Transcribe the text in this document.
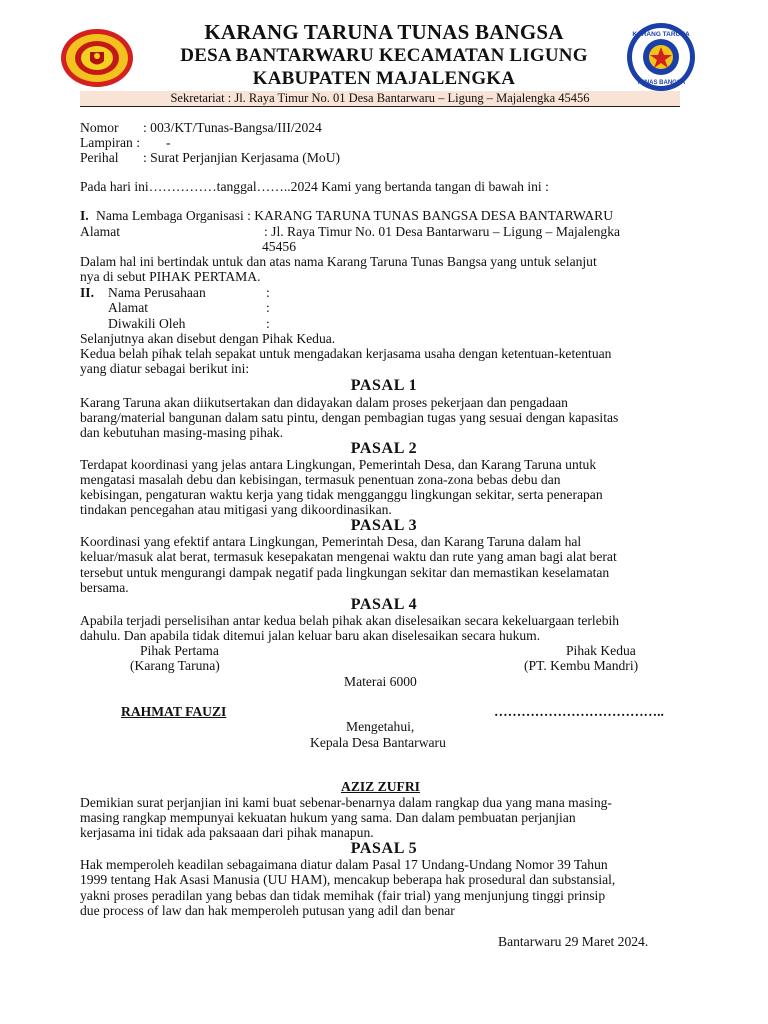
KARANG TARUNA
TUNAS BANGSA
KARANG TARUNA TUNAS BANGSA
DESA BANTARWARU KECAMATAN LIGUNG
KABUPATEN MAJALENGKA
Sekretariat : Jl. Raya Timur No. 01 Desa Bantarwaru – Ligung – Majalengka 45456
Nomor : 003/KT/Tunas-Bangsa/III/2024
Lampiran : -
Perihal : Surat Perjanjian Kerjasama (MoU)
Pada hari ini……………tanggal……..2024 Kami yang bertanda tangan di bawah ini :
I. Nama Lembaga Organisasi : KARANG TARUNA TUNAS BANGSA DESA BANTARWARU
Alamat	: Jl. Raya Timur No. 01 Desa Bantarwaru – Ligung – Majalengka
45456
Dalam hal ini bertindak untuk dan atas nama Karang Taruna Tunas Bangsa yang untuk selanjut
nya di sebut PIHAK PERTAMA.
II. Nama Perusahaan	:
Alamat	:
Diwakili Oleh	:
Selanjutnya akan disebut dengan Pihak Kedua.
Kedua belah pihak telah sepakat untuk mengadakan kerjasama usaha dengan ketentuan-ketentuan
yang diatur sebagai berikut ini:
PASAL 1
Karang Taruna akan diikutsertakan dan didayakan dalam proses pekerjaan dan pengadaan
barang/material bangunan dalam satu pintu, dengan pembagian tugas yang sesuai dengan kapasitas
dan kebutuhan masing-masing pihak.
PASAL 2
Terdapat koordinasi yang jelas antara Lingkungan, Pemerintah Desa, dan Karang Taruna untuk
mengatasi masalah debu dan kebisingan, termasuk penentuan zona-zona bebas debu dan
kebisingan, pengaturan waktu kerja yang tidak mengganggu lingkungan sekitar, serta penerapan
tindakan pencegahan atau mitigasi yang dikoordinasikan.
PASAL 3
Koordinasi yang efektif antara Lingkungan, Pemerintah Desa, dan Karang Taruna dalam hal
keluar/masuk alat berat, termasuk kesepakatan mengenai waktu dan rute yang aman bagi alat berat
tersebut untuk mengurangi dampak negatif pada lingkungan sekitar dan memastikan keselamatan
bersama.
PASAL 4
Apabila terjadi perselisihan antar kedua belah pihak akan diselesaikan secara kekeluargaan terlebih
dahulu. Dan apabila tidak ditemui jalan keluar baru akan diselesaikan secara hukum.
Pihak Pertama	Pihak Kedua
(Karang Taruna)	(PT. Kembu Mandri)
Materai 6000
RAHMAT FAUZI	………………………………..
Mengetahui,
Kepala Desa Bantarwaru
AZIZ ZUFRI
Demikian surat perjanjian ini kami buat sebenar-benarnya dalam rangkap dua yang mana masing-
masing rangkap mempunyai kekuatan hukum yang sama. Dan dalam pembuatan perjanjian
kerjasama ini tidak ada paksaaan dari pihak manapun.
PASAL 5
Hak memperoleh keadilan sebagaimana diatur dalam Pasal 17 Undang-Undang Nomor 39 Tahun
1999 tentang Hak Asasi Manusia (UU HAM), mencakup beberapa hak prosedural dan substansial,
yakni proses peradilan yang bebas dan tidak memihak (fair trial) yang menjunjung tinggi prinsip
due process of law dan hak memperoleh putusan yang adil dan benar
Bantarwaru 29 Maret 2024.
